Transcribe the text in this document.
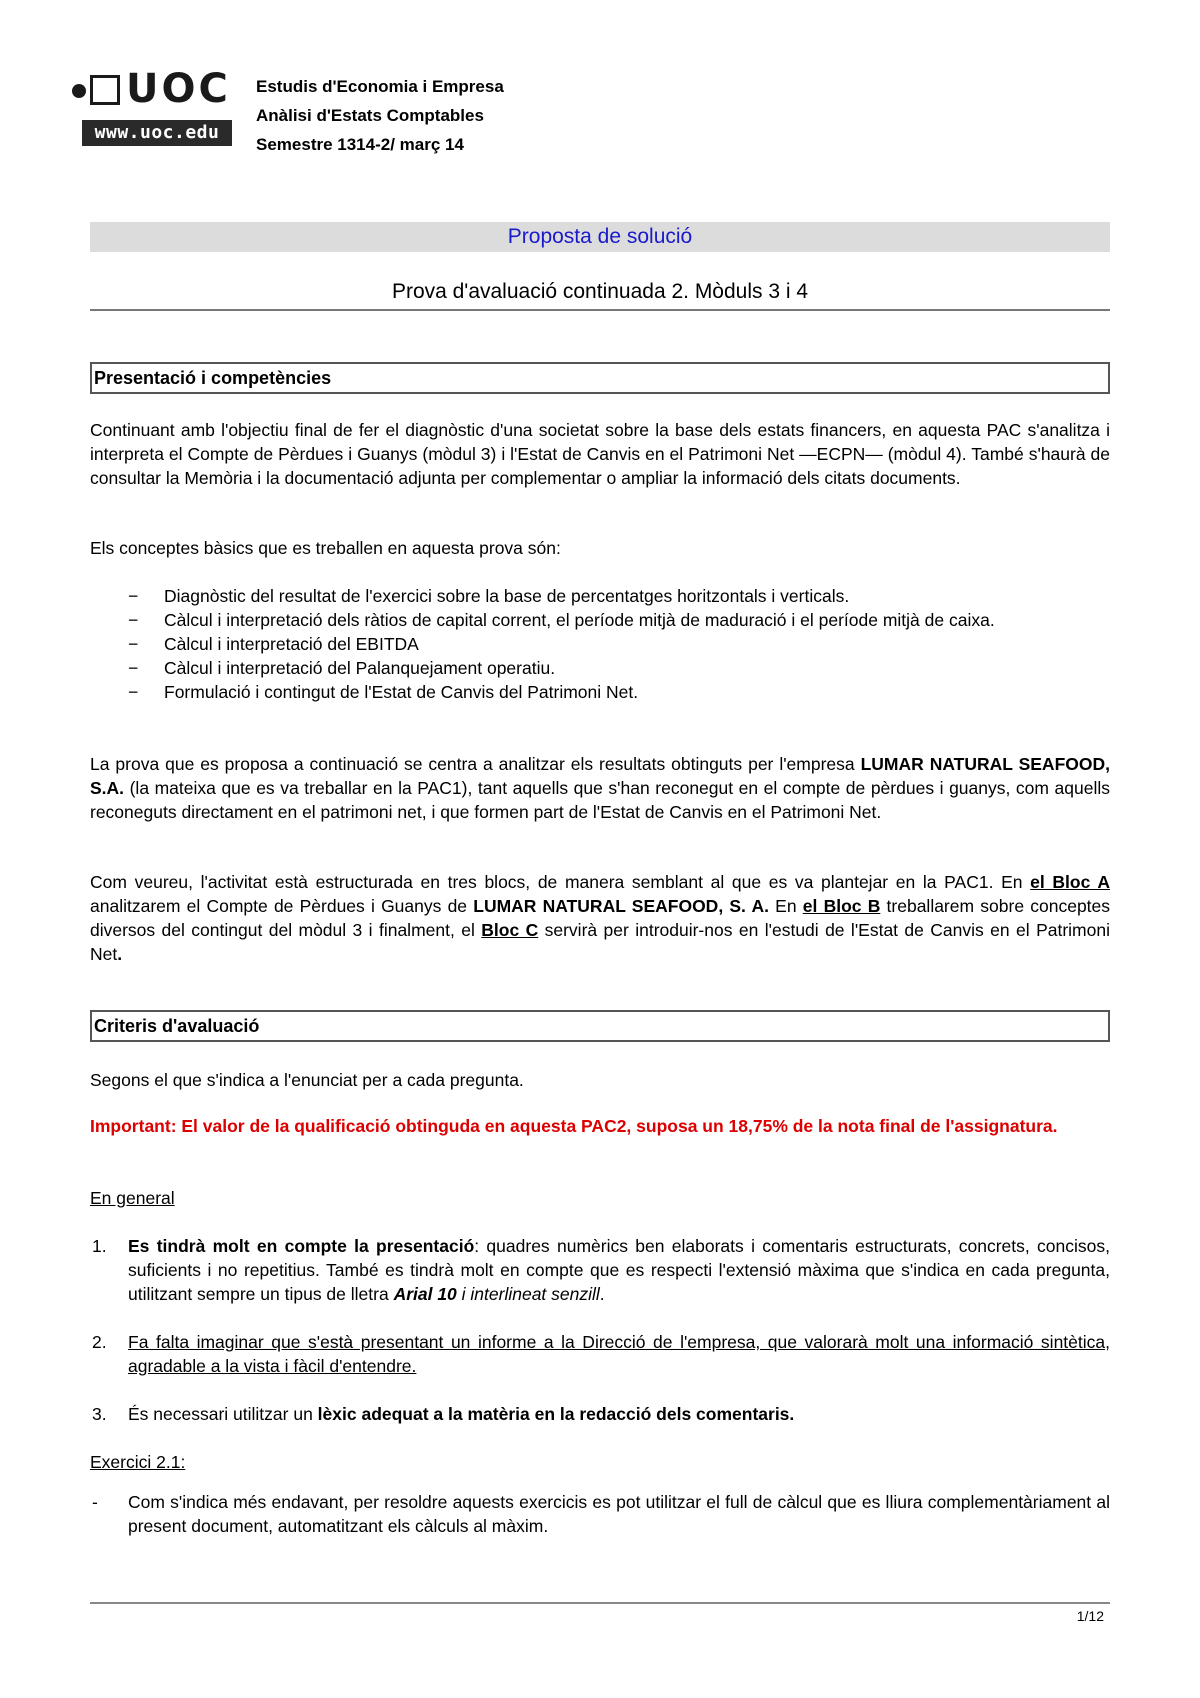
UOC
www.uoc.edu
Estudis d'Economia i Empresa
Anàlisi d'Estats Comptables
Semestre 1314-2/ març 14
Proposta de solució
Prova d'avaluació continuada 2. Mòduls 3 i 4
Presentació i competències
Continuant amb l'objectiu final de fer el diagnòstic d'una societat sobre la base dels estats financers, en aquesta PAC s'analitza i interpreta el Compte de Pèrdues i Guanys (mòdul 3) i l'Estat de Canvis en el Patrimoni Net —ECPN— (mòdul 4). També s'haurà de consultar la Memòria i la documentació adjunta per complementar o ampliar la informació dels citats documents.
Els conceptes bàsics que es treballen en aquesta prova són:
− Diagnòstic del resultat de l'exercici sobre la base de percentatges horitzontals i verticals.
− Càlcul i interpretació dels ràtios de capital corrent, el període mitjà de maduració i el període mitjà de caixa.
− Càlcul i interpretació del EBITDA
− Càlcul i interpretació del Palanquejament operatiu.
− Formulació i contingut de l'Estat de Canvis del Patrimoni Net.
La prova que es proposa a continuació se centra a analitzar els resultats obtinguts per l'empresa LUMAR NATURAL SEAFOOD, S.A. (la mateixa que es va treballar en la PAC1), tant aquells que s'han reconegut en el compte de pèrdues i guanys, com aquells reconeguts directament en el patrimoni net, i que formen part de l'Estat de Canvis en el Patrimoni Net.
Com veureu, l'activitat està estructurada en tres blocs, de manera semblant al que es va plantejar en la PAC1. En el Bloc A analitzarem el Compte de Pèrdues i Guanys de LUMAR NATURAL SEAFOOD, S. A. En el Bloc B treballarem sobre conceptes diversos del contingut del mòdul 3 i finalment, el Bloc C servirà per introduir-nos en l'estudi de l'Estat de Canvis en el Patrimoni Net.
Criteris d'avaluació
Segons el que s'indica a l'enunciat per a cada pregunta.
Important: El valor de la qualificació obtinguda en aquesta PAC2, suposa un 18,75% de la nota final de l'assignatura.
En general
1. Es tindrà molt en compte la presentació: quadres numèrics ben elaborats i comentaris estructurats, concrets, concisos, suficients i no repetitius. També es tindrà molt en compte que es respecti l'extensió màxima que s'indica en cada pregunta, utilitzant sempre un tipus de lletra Arial 10 i interlineat senzill.
2. Fa falta imaginar que s'està presentant un informe a la Direcció de l'empresa, que valorarà molt una informació sintètica, agradable a la vista i fàcil d'entendre.
3. És necessari utilitzar un lèxic adequat a la matèria en la redacció dels comentaris.
Exercici 2.1:
- Com s'indica més endavant, per resoldre aquests exercicis es pot utilitzar el full de càlcul que es lliura complementàriament al present document, automatitzant els càlculs al màxim.
1/12
